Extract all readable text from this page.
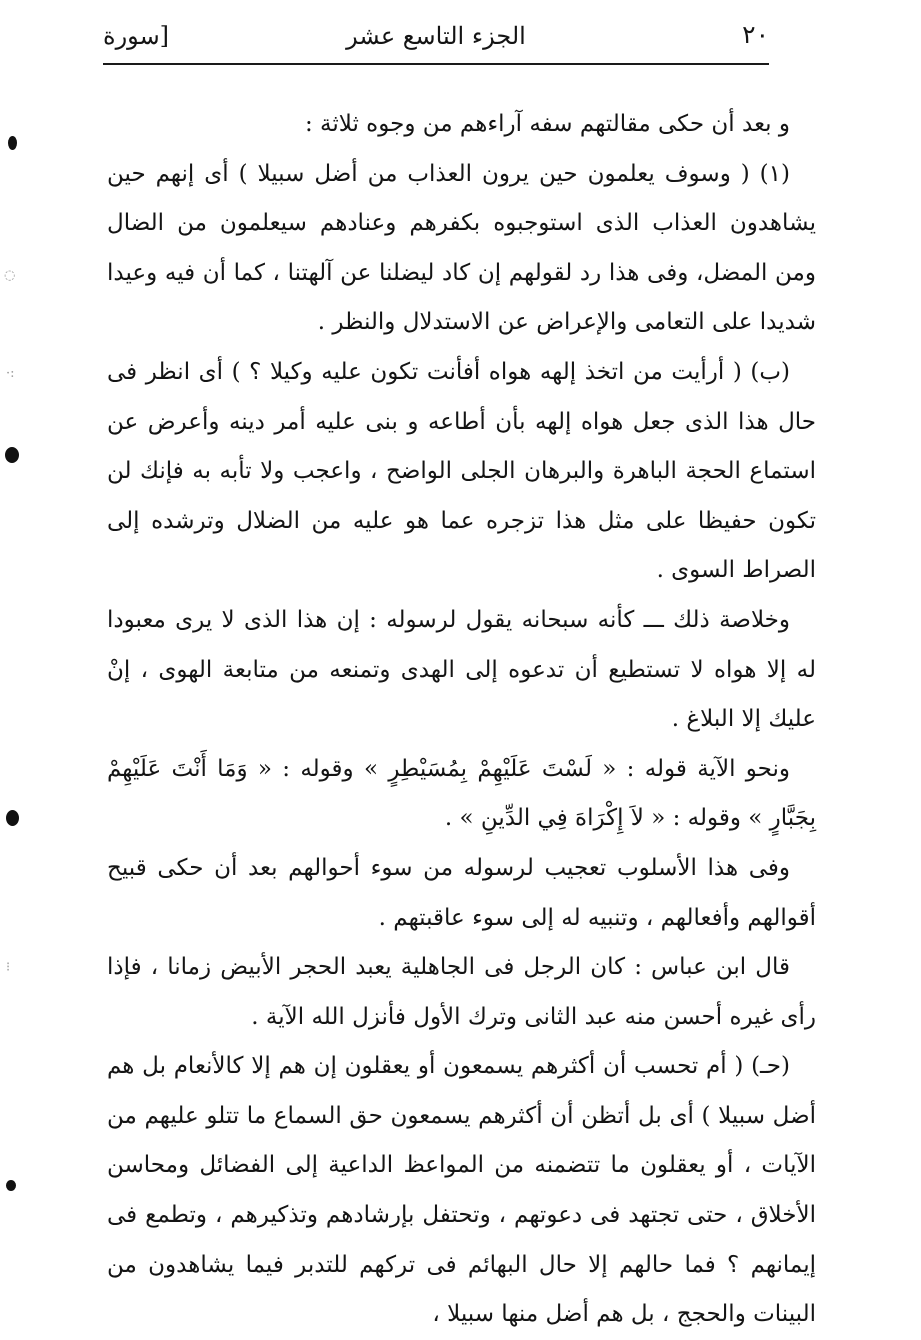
٢٠
الجزء التاسع عشر
[سورة

و بعد أن حكى مقالتهم سفه آراءهم من وجوه ثلاثة :

(١) ( وسوف يعلمون حين يرون العذاب من أضل سبيلا ) أى إنهم حين يشاهدون العذاب الذى استوجبوه بكفرهم وعنادهم سيعلمون من الضال ومن المضل، وفى هذا رد لقولهم إن كاد ليضلنا عن آلهتنا ، كما أن فيه وعيدا شديدا على التعامى والإعراض عن الاستدلال والنظر .

(ب) ( أرأيت من اتخذ إلهه هواه أفأنت تكون عليه وكيلا ؟ ) أى انظر فى حال هذا الذى جعل هواه إلهه بأن أطاعه و بنى عليه أمر دينه وأعرض عن استماع الحجة الباهرة والبرهان الجلى الواضح ، واعجب ولا تأبه به فإنك لن تكون حفيظا على مثل هذا تزجره عما هو عليه من الضلال وترشده إلى الصراط السوى .

وخلاصة ذلك ـــ كأنه سبحانه يقول لرسوله : إن هذا الذى لا يرى معبودا له إلا هواه لا تستطيع أن تدعوه إلى الهدى وتمنعه من متابعة الهوى ، إنْ عليك إلا البلاغ .

ونحو الآية قوله : « لَسْتَ عَلَيْهِمْ بِمُسَيْطِرٍ » وقوله : « وَمَا أَنْتَ عَلَيْهِمْ بِجَبَّارٍ » وقوله : « لاَ إِكْرَاهَ فِي الدِّينِ » .

وفى هذا الأسلوب تعجيب لرسوله من سوء أحوالهم بعد أن حكى قبيح أقوالهم وأفعالهم ، وتنبيه له إلى سوء عاقبتهم .

قال ابن عباس : كان الرجل فى الجاهلية يعبد الحجر الأبيض زمانا ، فإذا رأى غيره أحسن منه عبد الثانى وترك الأول فأنزل الله الآية .

(حـ) ( أم تحسب أن أكثرهم يسمعون أو يعقلون إن هم إلا كالأنعام بل هم أضل سبيلا ) أى بل أتظن أن أكثرهم يسمعون حق السماع ما تتلو عليهم من الآيات ، أو يعقلون ما تتضمنه من المواعظ الداعية إلى الفضائل ومحاسن الأخلاق ، حتى تجتهد فى دعوتهم ، وتحتفل بإرشادهم وتذكيرهم ، وتطمع فى إيمانهم ؟ فما حالهم إلا حال البهائم فى تركهم للتدبر فيما يشاهدون من البينات والحجج ، بل هم أضل منها سبيلا ،

◌
·:
⁝
